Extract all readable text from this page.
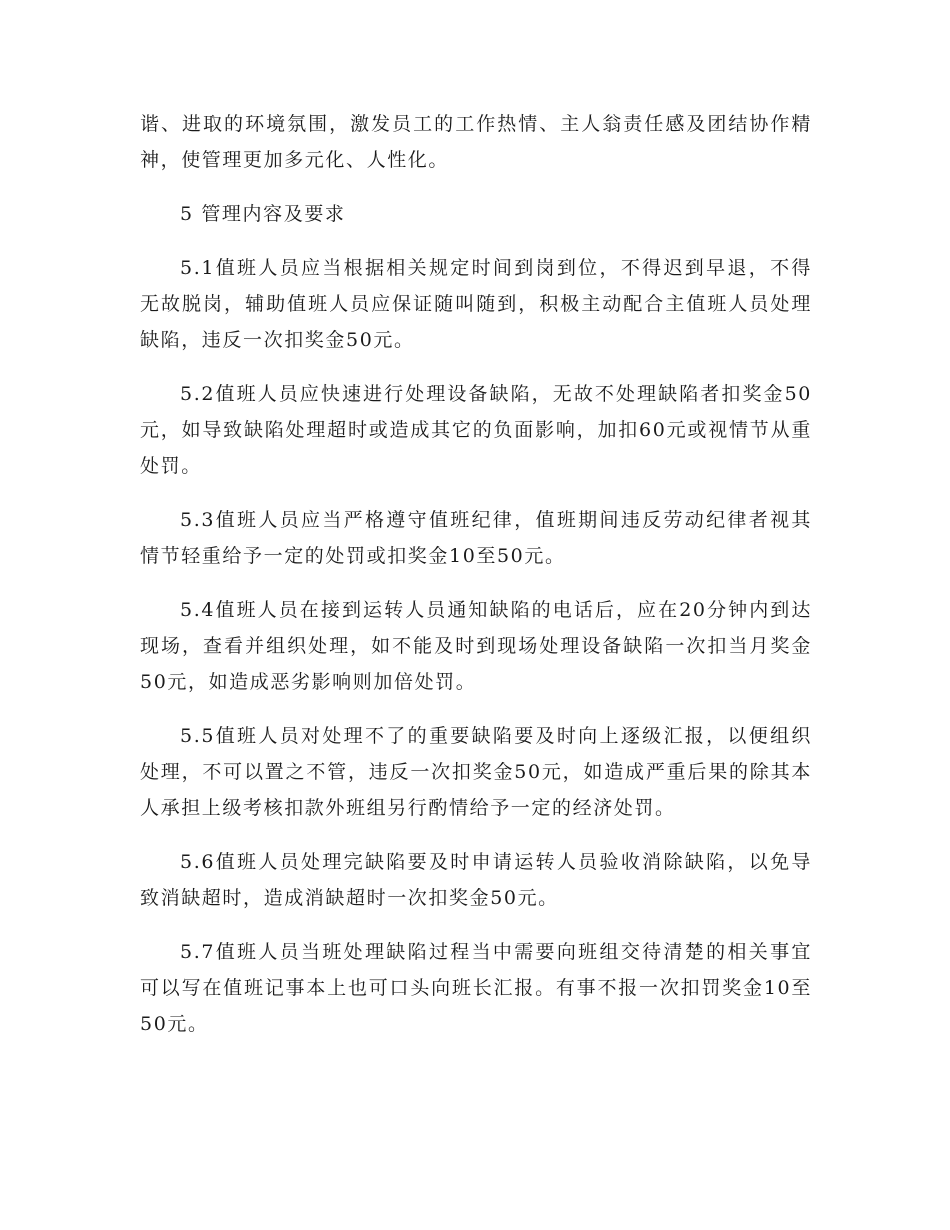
谐、进取的环境氛围，激发员工的工作热情、主人翁责任感及团结协作精神，使管理更加多元化、人性化。

5 管理内容及要求

5.1值班人员应当根据相关规定时间到岗到位，不得迟到早退，不得无故脱岗，辅助值班人员应保证随叫随到，积极主动配合主值班人员处理缺陷，违反一次扣奖金50元。

5.2值班人员应快速进行处理设备缺陷，无故不处理缺陷者扣奖金50元，如导致缺陷处理超时或造成其它的负面影响，加扣60元或视情节从重处罚。

5.3值班人员应当严格遵守值班纪律，值班期间违反劳动纪律者视其情节轻重给予一定的处罚或扣奖金10至50元。

5.4值班人员在接到运转人员通知缺陷的电话后，应在20分钟内到达现场，查看并组织处理，如不能及时到现场处理设备缺陷一次扣当月奖金50元，如造成恶劣影响则加倍处罚。

5.5值班人员对处理不了的重要缺陷要及时向上逐级汇报，以便组织处理，不可以置之不管，违反一次扣奖金50元，如造成严重后果的除其本人承担上级考核扣款外班组另行酌情给予一定的经济处罚。

5.6值班人员处理完缺陷要及时申请运转人员验收消除缺陷，以免导致消缺超时，造成消缺超时一次扣奖金50元。

5.7值班人员当班处理缺陷过程当中需要向班组交待清楚的相关事宜可以写在值班记事本上也可口头向班长汇报。有事不报一次扣罚奖金10至50元。
